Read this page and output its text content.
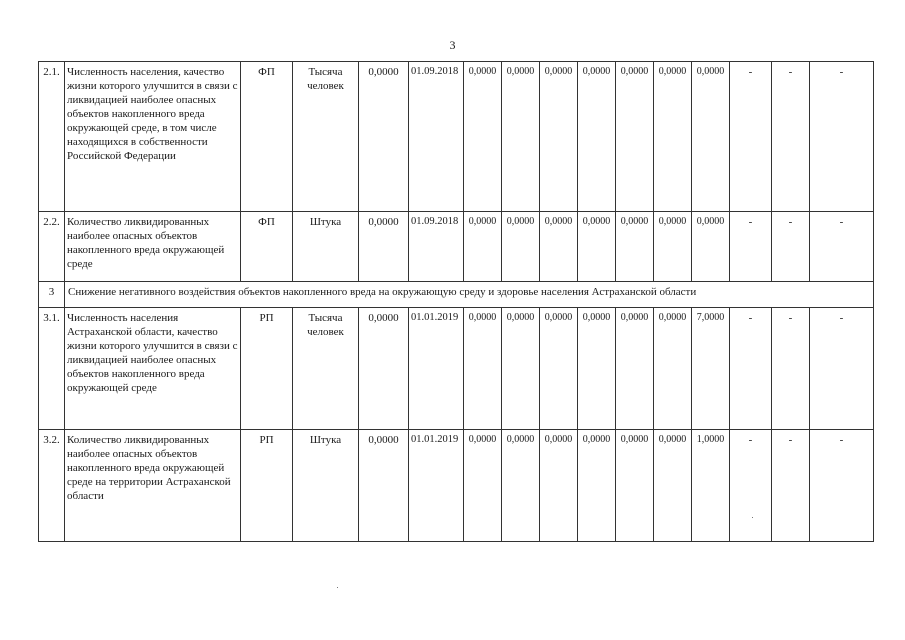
3
2.1.	Численность населения, качество жизни которого улучшится в связи с ликвидацией наиболее опасных объектов накопленного вреда окружающей среде, в том числе находящихся в собственности Российской Федерации	ФП	Тысяча человек	0,0000	01.09.2018	0,0000	0,0000	0,0000	0,0000	0,0000	0,0000	0,0000	-	-	-
2.2.	Количество ликвидированных наиболее опасных объектов накопленного вреда окружающей среде	ФП	Штука	0,0000	01.09.2018	0,0000	0,0000	0,0000	0,0000	0,0000	0,0000	0,0000	-	-	-
3	Снижение негативного воздействия объектов накопленного вреда на окружающую среду и здоровье населения Астраханской области														
3.1.	Численность населения Астраханской области, качество жизни которого улучшится в связи с ликвидацией наиболее опасных объектов накопленного вреда окружающей среде	РП	Тысяча человек	0,0000	01.01.2019	0,0000	0,0000	0,0000	0,0000	0,0000	0,0000	7,0000	-	-	-
3.2.	Количество ликвидированных наиболее опасных объектов накопленного вреда окружающей среде на территории Астраханской области	РП	Штука	0,0000	01.01.2019	0,0000	0,0000	0,0000	0,0000	0,0000	0,0000	1,0000	-	-	-
